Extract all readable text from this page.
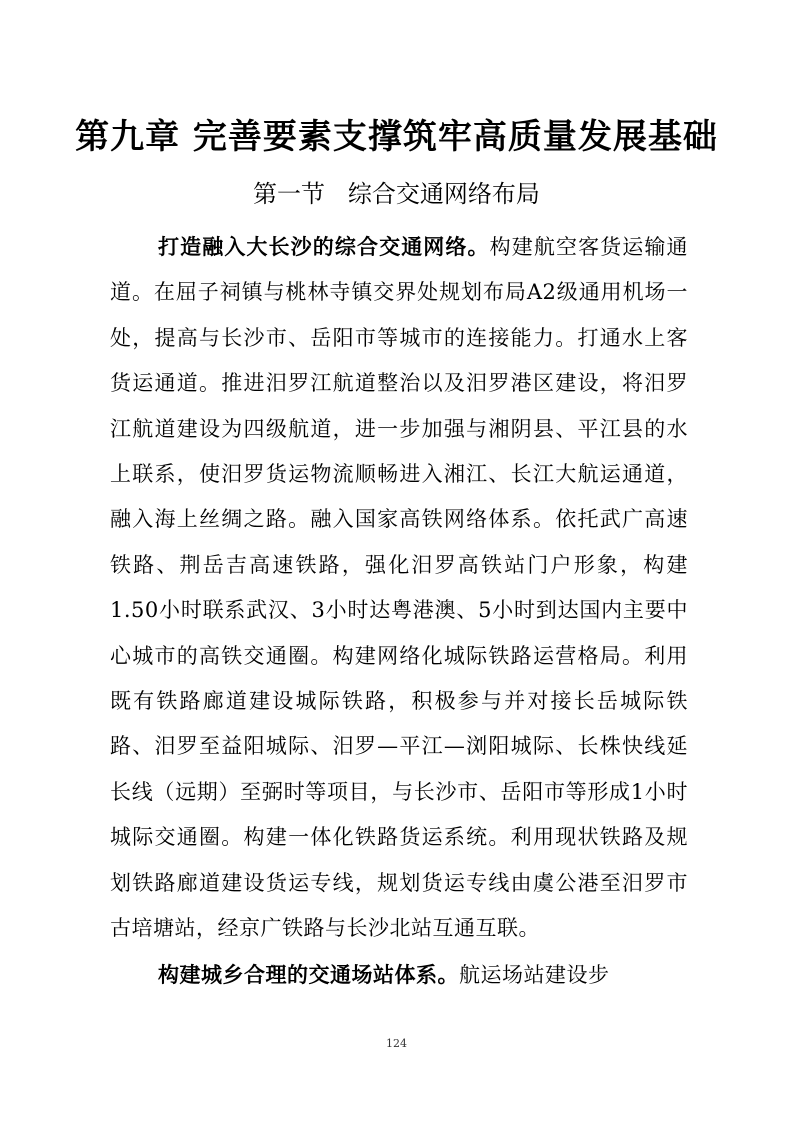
第九章 完善要素支撑筑牢高质量发展基础
第一节   综合交通网络布局

打造融入大长沙的综合交通网络。构建航空客货运输通道。在屈子祠镇与桃林寺镇交界处规划布局A2级通用机场一处，提高与长沙市、岳阳市等城市的连接能力。打通水上客货运通道。推进汨罗江航道整治以及汨罗港区建设，将汨罗江航道建设为四级航道，进一步加强与湘阴县、平江县的水上联系，使汨罗货运物流顺畅进入湘江、长江大航运通道，融入海上丝绸之路。融入国家高铁网络体系。依托武广高速铁路、荆岳吉高速铁路，强化汨罗高铁站门户形象，构建1.50小时联系武汉、3小时达粤港澳、5小时到达国内主要中心城市的高铁交通圈。构建网络化城际铁路运营格局。利用既有铁路廊道建设城际铁路，积极参与并对接长岳城际铁路、汨罗至益阳城际、汨罗—平江—浏阳城际、长株快线延长线（远期）至弼时等项目，与长沙市、岳阳市等形成1小时城际交通圈。构建一体化铁路货运系统。利用现状铁路及规划铁路廊道建设货运专线，规划货运专线由虞公港至汨罗市古培塘站，经京广铁路与长沙北站互通互联。

构建城乡合理的交通场站体系。航运场站建设步

124
